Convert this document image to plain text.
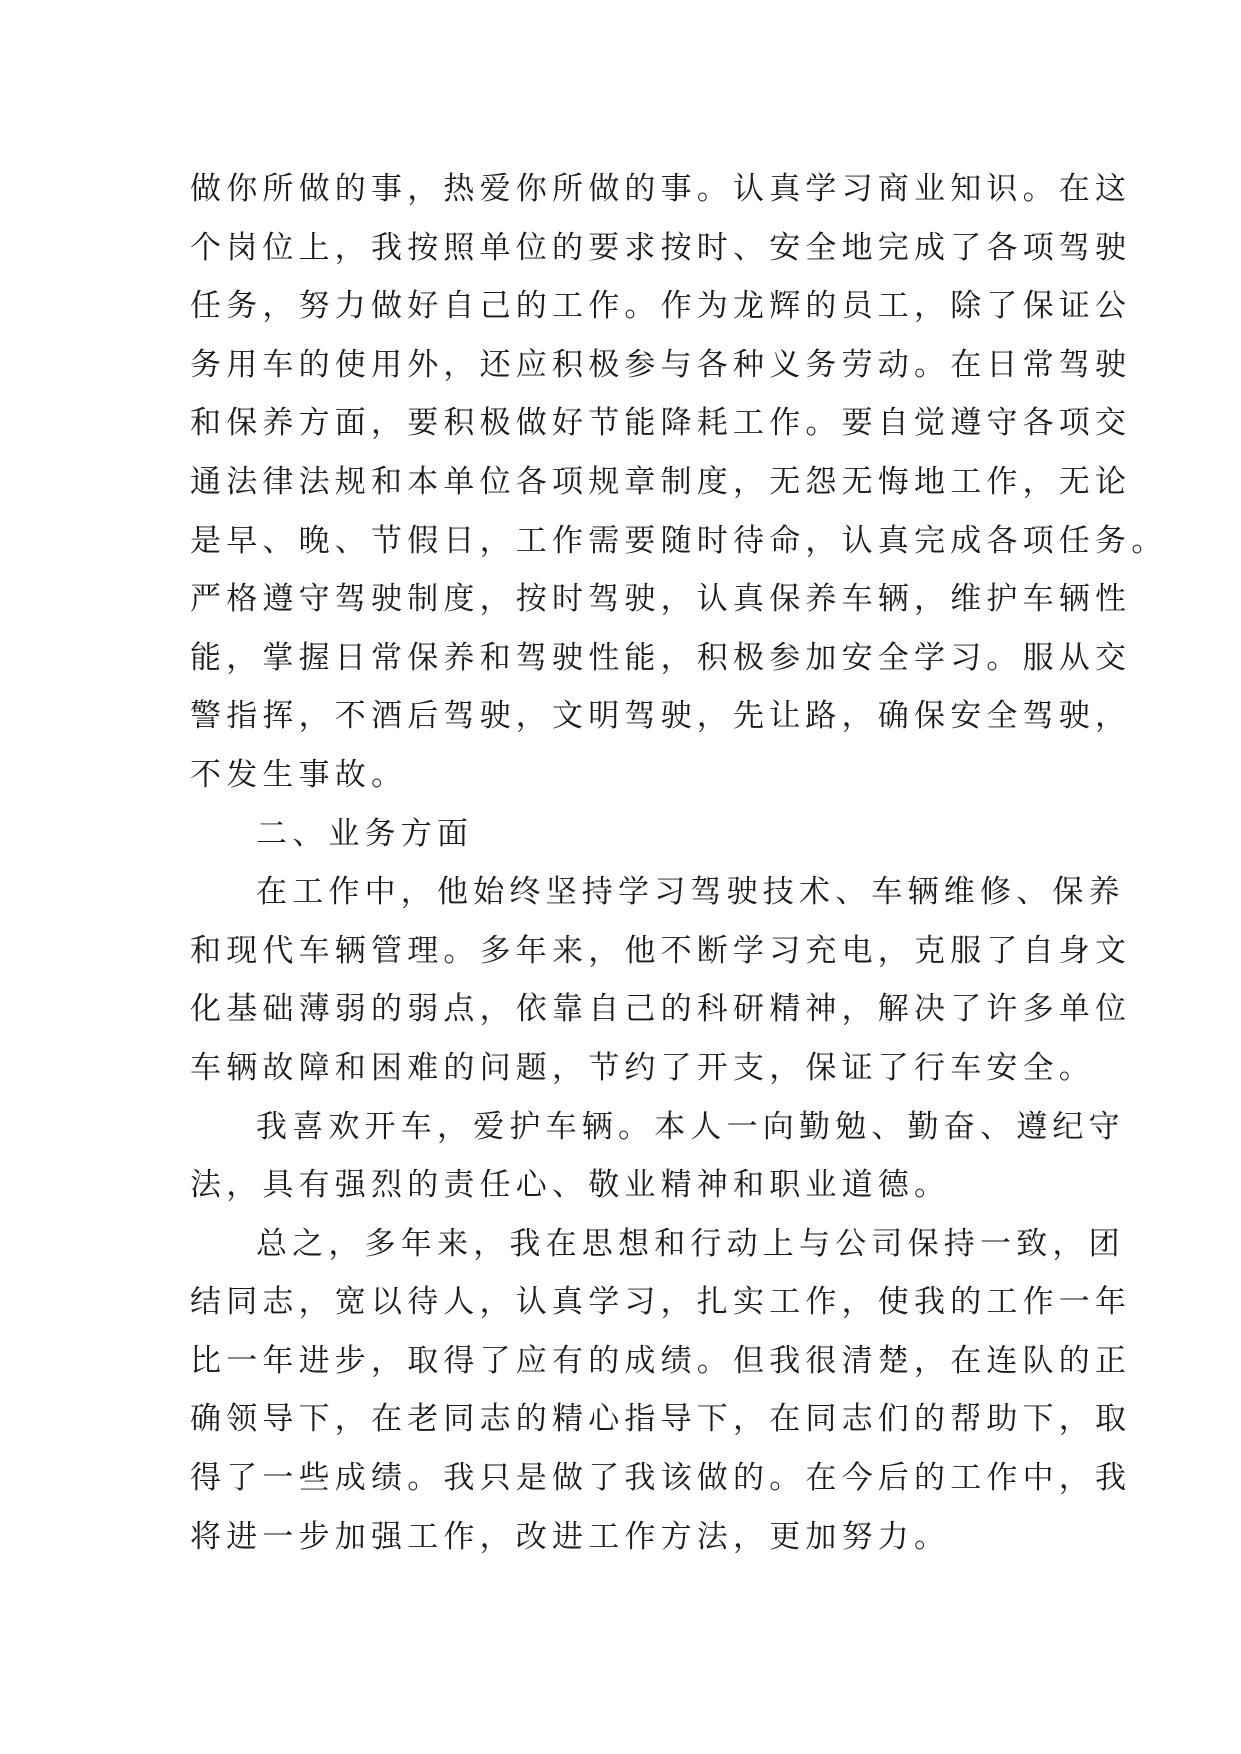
做你所做的事，热爱你所做的事。认真学习商业知识。在这
个岗位上，我按照单位的要求按时、安全地完成了各项驾驶
任务，努力做好自己的工作。作为龙辉的员工，除了保证公
务用车的使用外，还应积极参与各种义务劳动。在日常驾驶
和保养方面，要积极做好节能降耗工作。要自觉遵守各项交
通法律法规和本单位各项规章制度，无怨无悔地工作，无论
是早、晚、节假日，工作需要随时待命，认真完成各项任务。
严格遵守驾驶制度，按时驾驶，认真保养车辆，维护车辆性
能，掌握日常保养和驾驶性能，积极参加安全学习。服从交
警指挥，不酒后驾驶，文明驾驶，先让路，确保安全驾驶，
不发生事故。

二、业务方面

在工作中，他始终坚持学习驾驶技术、车辆维修、保养
和现代车辆管理。多年来，他不断学习充电，克服了自身文
化基础薄弱的弱点，依靠自己的科研精神，解决了许多单位
车辆故障和困难的问题，节约了开支，保证了行车安全。

我喜欢开车，爱护车辆。本人一向勤勉、勤奋、遵纪守
法，具有强烈的责任心、敬业精神和职业道德。

总之，多年来，我在思想和行动上与公司保持一致，团
结同志，宽以待人，认真学习，扎实工作，使我的工作一年
比一年进步，取得了应有的成绩。但我很清楚，在连队的正
确领导下，在老同志的精心指导下，在同志们的帮助下，取
得了一些成绩。我只是做了我该做的。在今后的工作中，我
将进一步加强工作，改进工作方法，更加努力。
